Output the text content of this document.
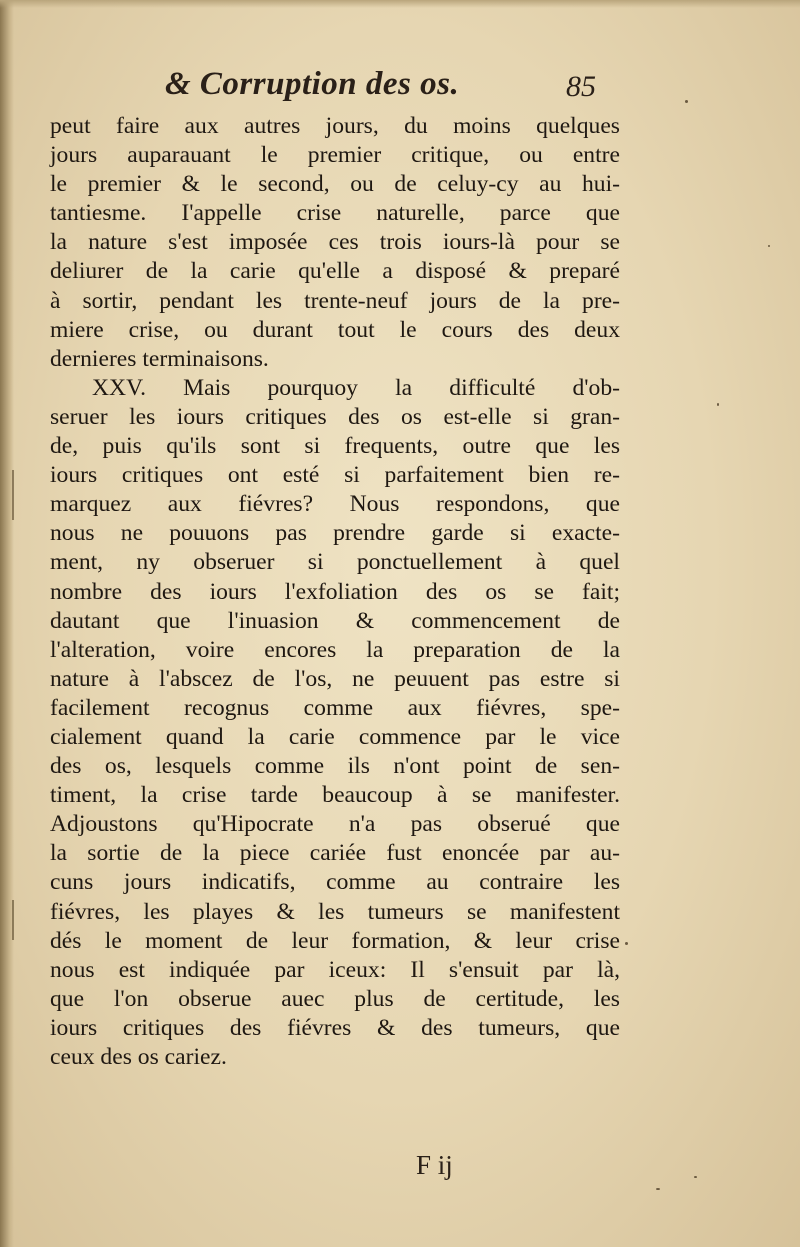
& Corruption des os.	85
peut faire aux autres jours, du moins quelques
jours auparauant le premier critique, ou entre
le premier & le second, ou de celuy-cy au hui-
tantiesme. I'appelle crise naturelle, parce que
la nature s'est imposée ces trois iours-là pour se
deliurer de la carie qu'elle a disposé & preparé
à sortir, pendant les trente-neuf jours de la pre-
miere crise, ou durant tout le cours des deux
dernieres terminaisons.
XXV. Mais pourquoy la difficulté d'ob-
seruer les iours critiques des os est-elle si gran-
de, puis qu'ils sont si frequents, outre que les
iours critiques ont esté si parfaitement bien re-
marquez aux fiévres? Nous respondons, que
nous ne pouuons pas prendre garde si exacte-
ment, ny obseruer si ponctuellement à quel
nombre des iours l'exfoliation des os se fait;
dautant que l'inuasion & commencement de
l'alteration, voire encores la preparation de la
nature à l'abscez de l'os, ne peuuent pas estre si
facilement recognus comme aux fiévres, spe-
cialement quand la carie commence par le vice
des os, lesquels comme ils n'ont point de sen-
timent, la crise tarde beaucoup à se manifester.
Adjoustons qu'Hipocrate n'a pas obserué que
la sortie de la piece cariée fust enoncée par au-
cuns jours indicatifs, comme au contraire les
fiévres, les playes & les tumeurs se manifestent
dés le moment de leur formation, & leur crise
nous est indiquée par iceux: Il s'ensuit par là,
que l'on obserue auec plus de certitude, les
iours critiques des fiévres & des tumeurs, que
ceux des os cariez.
F ij
